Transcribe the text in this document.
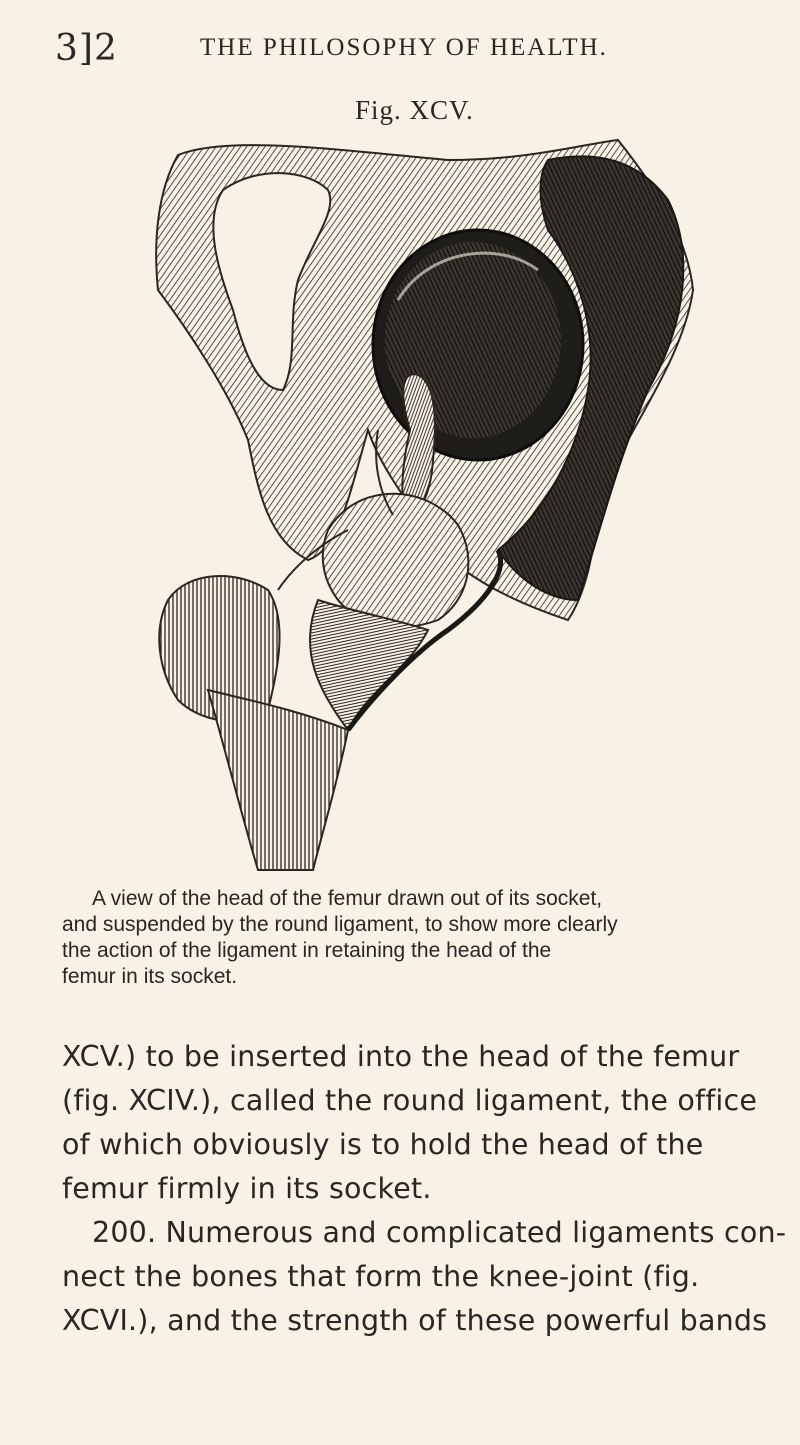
3]2	THE PHILOSOPHY OF HEALTH.
Fig. XCV.
A view of the head of the femur drawn out of its socket,
and suspended by the round ligament, to show more clearly
the action of the ligament in retaining the head of the
femur in its socket.
XCV.) to be inserted into the head of the femur
(fig. XCIV.), called the round ligament, the office
of which obviously is to hold the head of the
femur firmly in its socket.
200. Numerous and complicated ligaments con-
nect the bones that form the knee-joint (fig.
XCVI.), and the strength of these powerful bands
